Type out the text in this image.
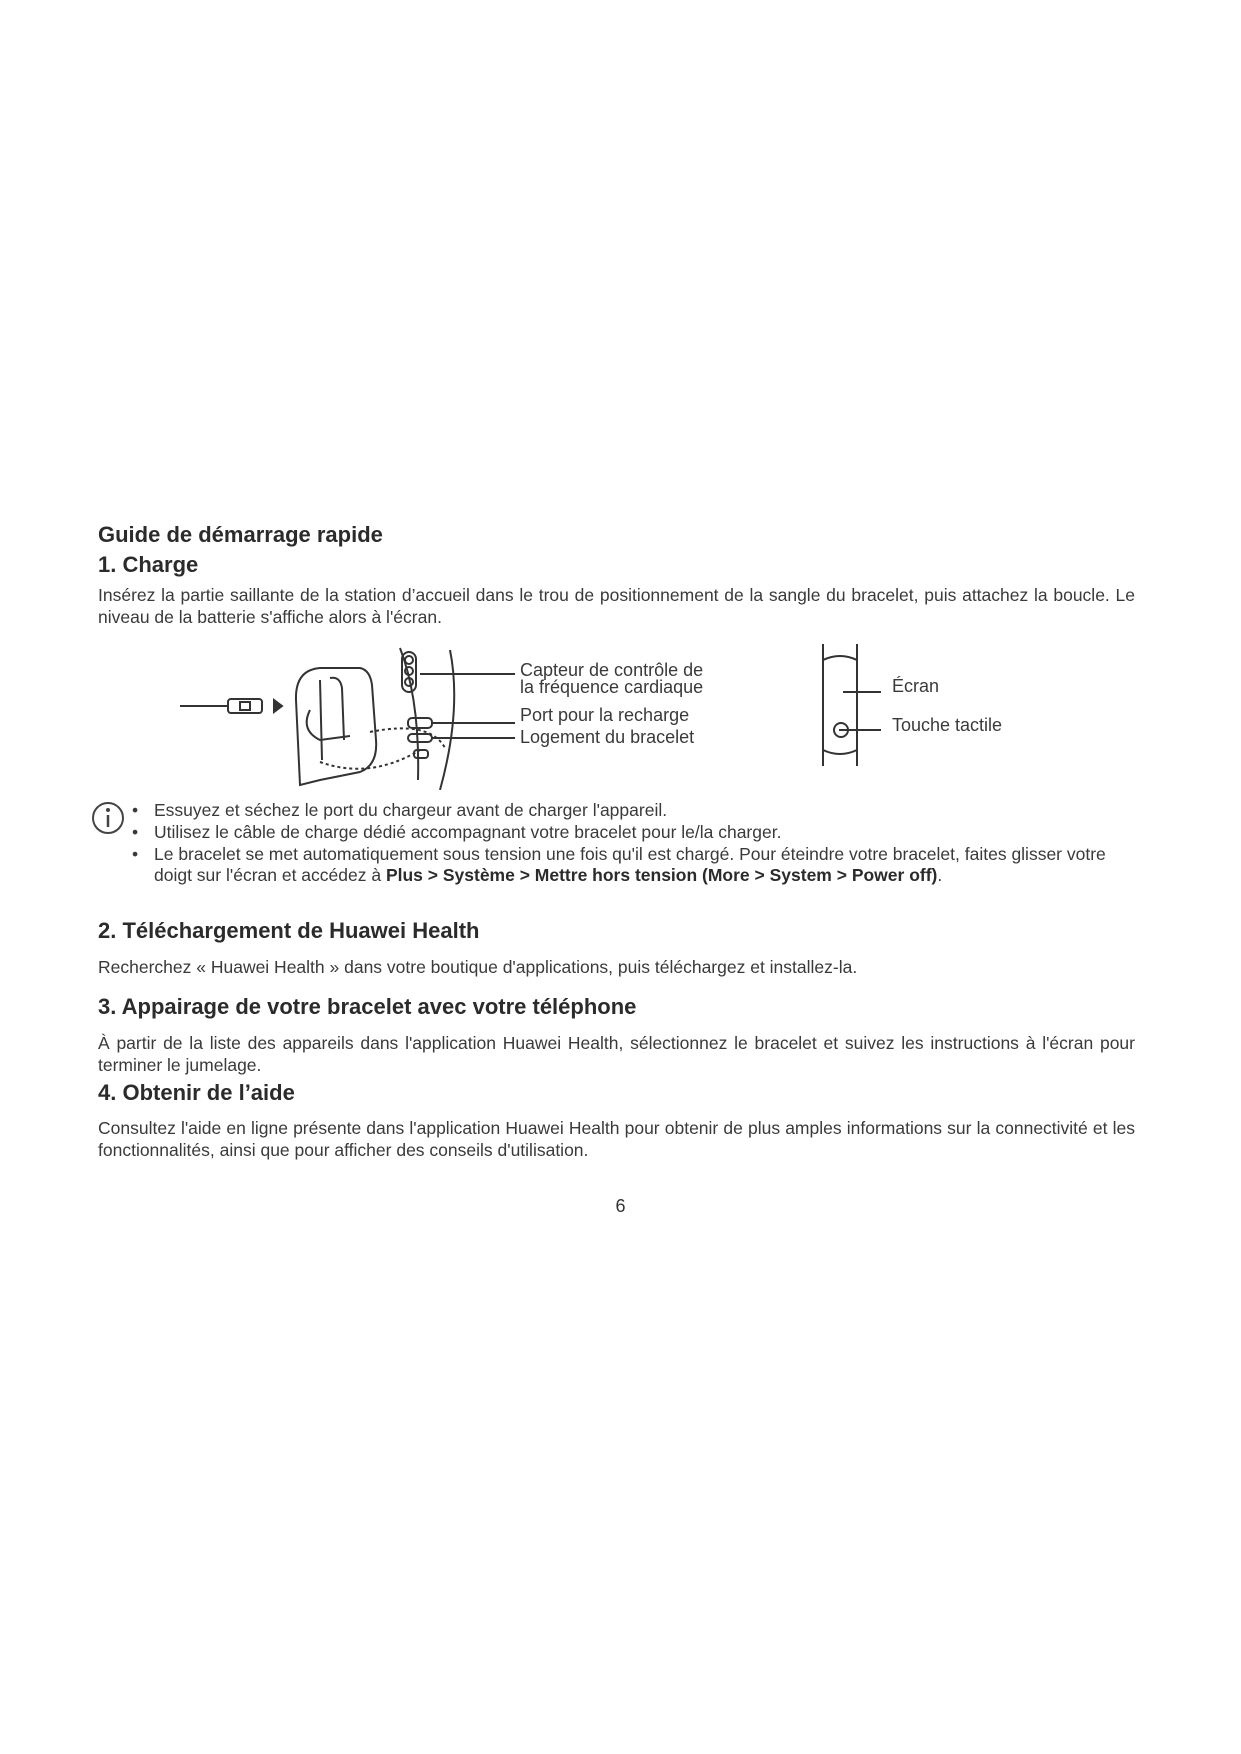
Guide de démarrage rapide
1. Charge
Insérez la partie saillante de la station d’accueil dans le trou de positionnement de la sangle du bracelet, puis attachez la boucle. Le niveau de la batterie s'affiche alors à l'écran.
Capteur de contrôle de
la fréquence cardiaque
Port pour la recharge
Logement du bracelet
Écran
Touche tactile
• Essuyez et séchez le port du chargeur avant de charger l'appareil.
• Utilisez le câble de charge dédié accompagnant votre bracelet pour le/la charger.
• Le bracelet se met automatiquement sous tension une fois qu'il est chargé. Pour éteindre votre bracelet, faites glisser votre doigt sur l'écran et accédez à Plus > Système > Mettre hors tension (More > System > Power off).
2. Téléchargement de Huawei Health
Recherchez « Huawei Health » dans votre boutique d'applications, puis téléchargez et installez-la.
3. Appairage de votre bracelet avec votre téléphone
À partir de la liste des appareils dans l'application Huawei Health, sélectionnez le bracelet et suivez les instructions à l'écran pour terminer le jumelage.
4. Obtenir de l’aide
Consultez l'aide en ligne présente dans l'application Huawei Health pour obtenir de plus amples informations sur la connectivité et les fonctionnalités, ainsi que pour afficher des conseils d'utilisation.
6
